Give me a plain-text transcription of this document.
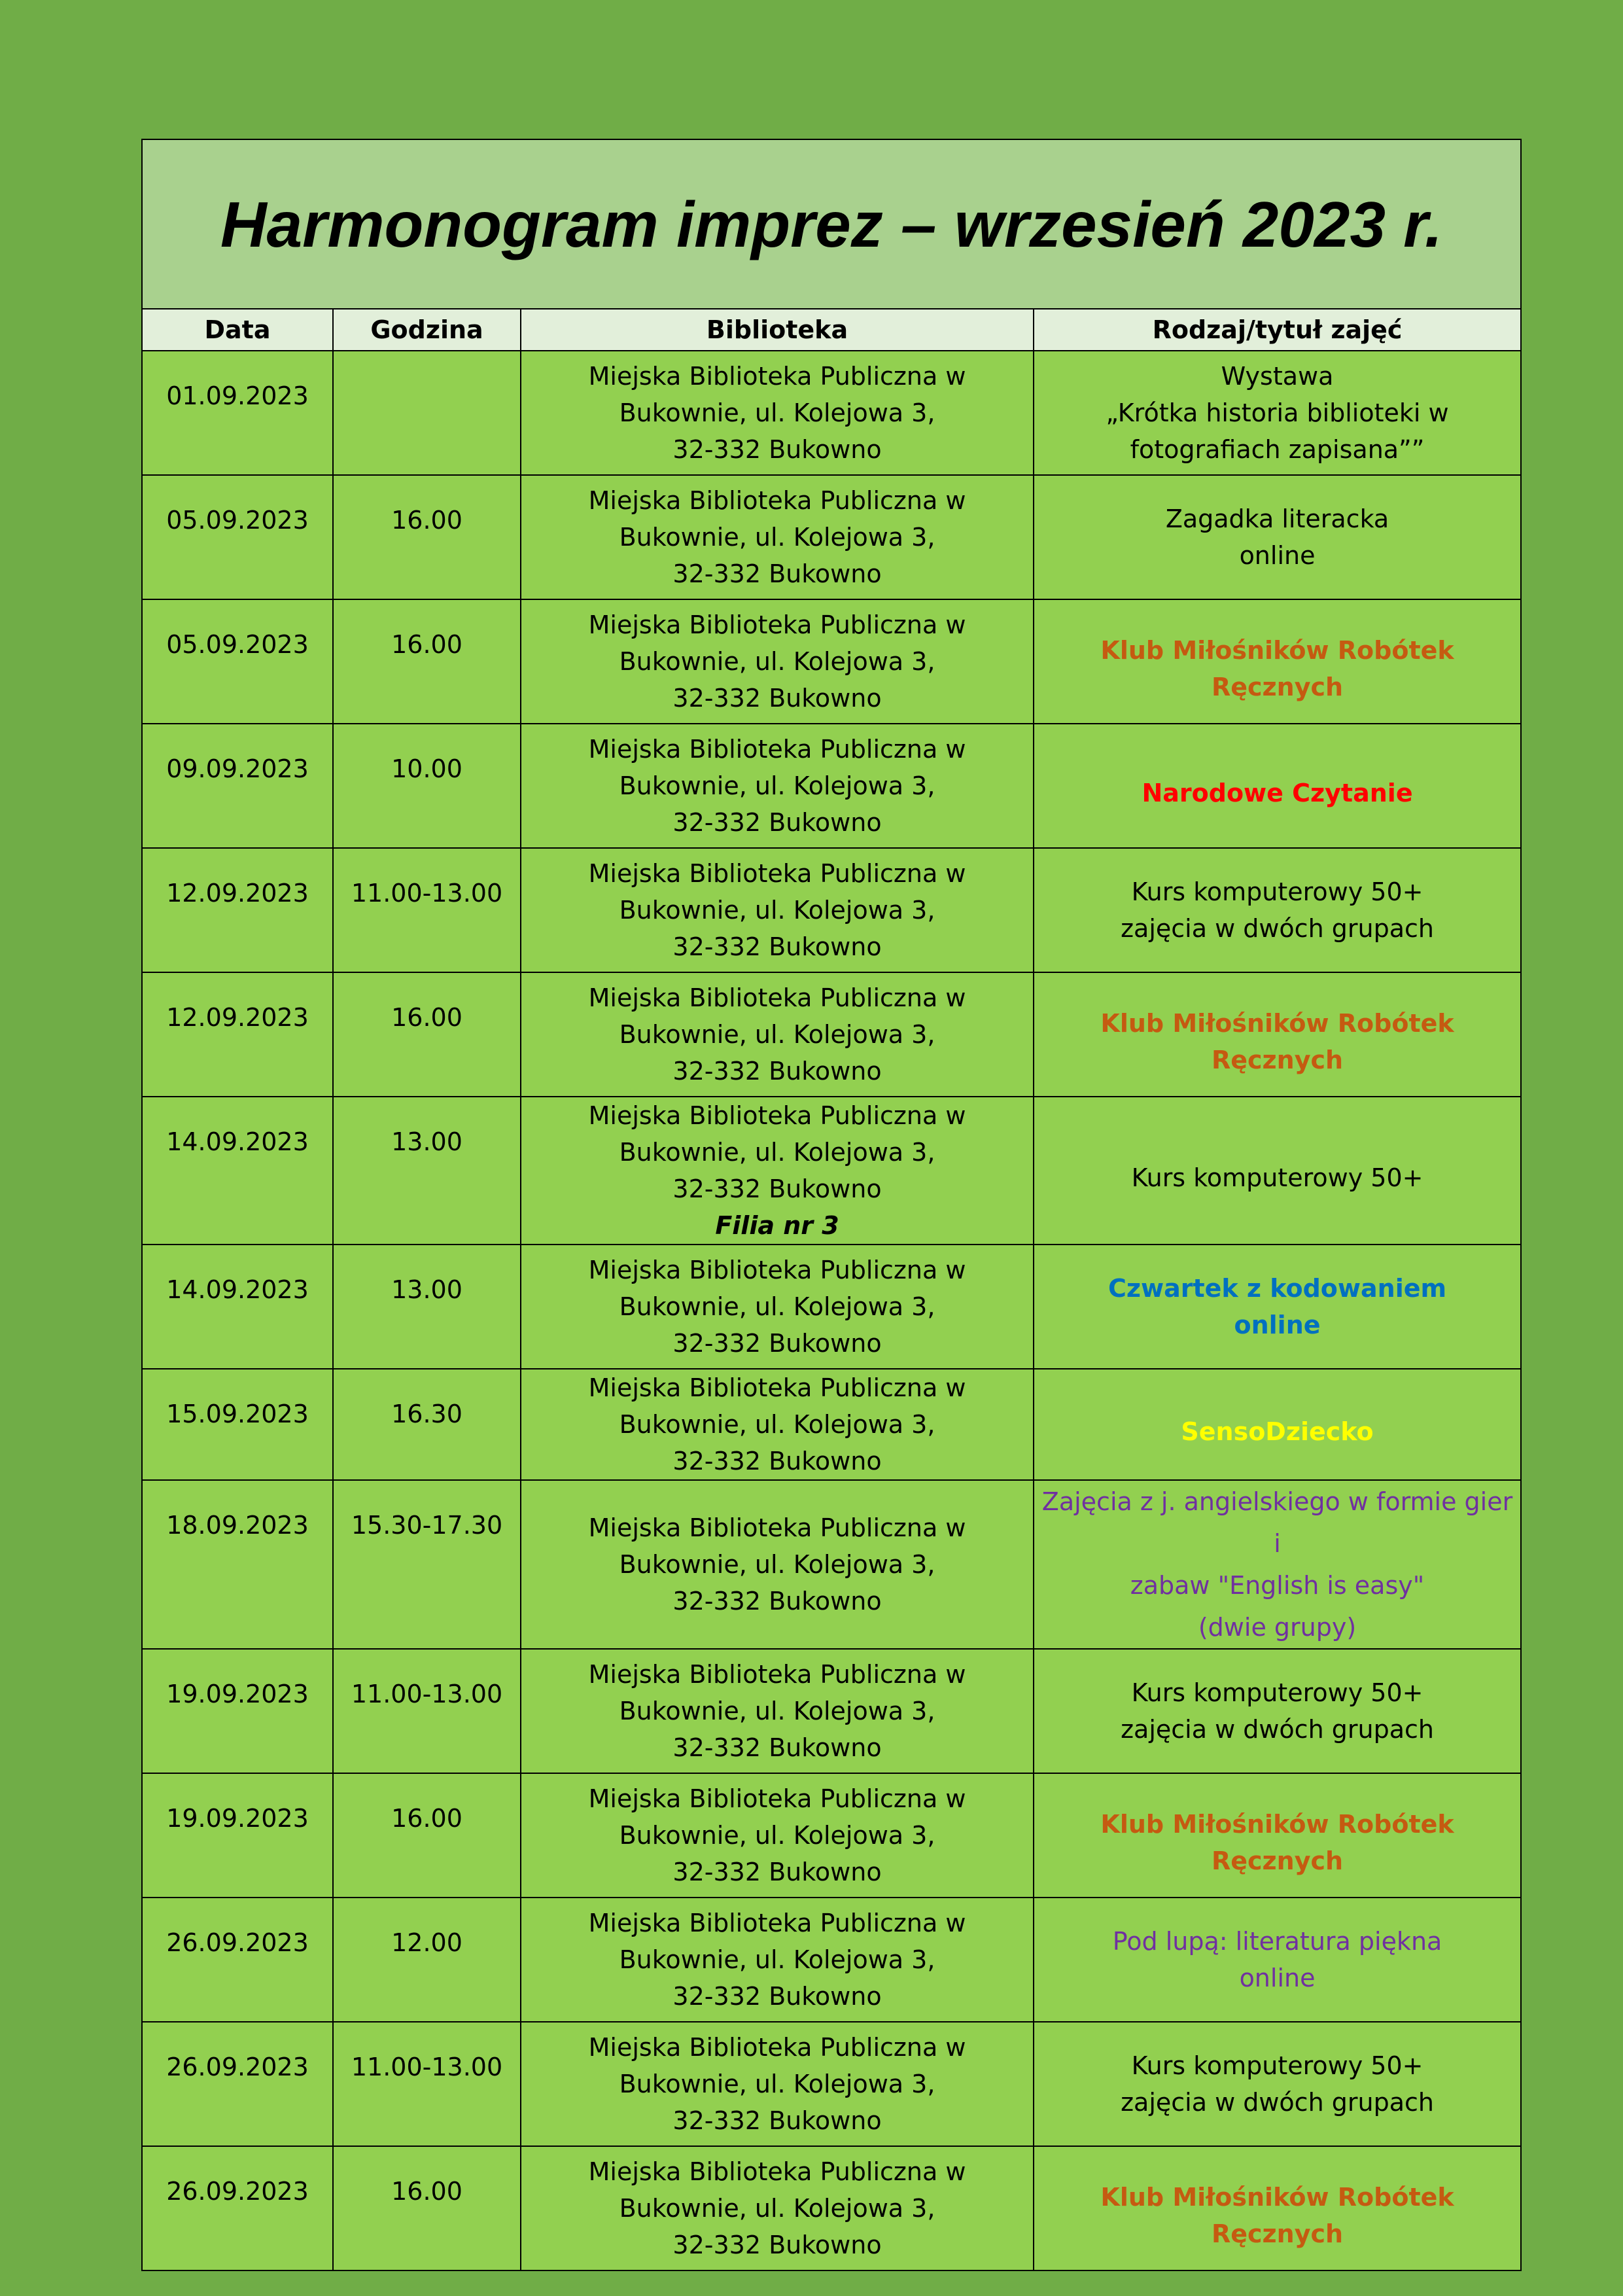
Harmonogram imprez – wrzesień 2023 r.			
Data	Godzina	Biblioteka	Rodzaj/tytuł zajęć
01.09.2023		Miejska Biblioteka Publiczna w
Bukownie, ul. Kolejowa 3,
32-332 Bukowno	Wystawa
„Krótka historia biblioteki w
fotografiach zapisana””

05.09.2023	16.00	Miejska Biblioteka Publiczna w
Bukownie, ul. Kolejowa 3,
32-332 Bukowno	Zagadka literacka
online

05.09.2023	16.00	Miejska Biblioteka Publiczna w
Bukownie, ul. Kolejowa 3,
32-332 Bukowno	Klub Miłośników Robótek Ręcznych

09.09.2023	10.00	Miejska Biblioteka Publiczna w
Bukownie, ul. Kolejowa 3,
32-332 Bukowno	Narodowe Czytanie

12.09.2023	11.00-13.00	Miejska Biblioteka Publiczna w
Bukownie, ul. Kolejowa 3,
32-332 Bukowno	Kurs komputerowy 50+
zajęcia w dwóch grupach

12.09.2023	16.00	Miejska Biblioteka Publiczna w
Bukownie, ul. Kolejowa 3,
32-332 Bukowno	Klub Miłośników Robótek Ręcznych

14.09.2023	13.00	Miejska Biblioteka Publiczna w
Bukownie, ul. Kolejowa 3,
32-332 Bukowno
Filia nr 3	Kurs komputerowy 50+

14.09.2023	13.00	Miejska Biblioteka Publiczna w
Bukownie, ul. Kolejowa 3,
32-332 Bukowno	Czwartek z kodowaniem
online

15.09.2023	16.30	Miejska Biblioteka Publiczna w
Bukownie, ul. Kolejowa 3,
32-332 Bukowno	SensoDziecko

18.09.2023	15.30-17.30	Miejska Biblioteka Publiczna w
Bukownie, ul. Kolejowa 3,
32-332 Bukowno	Zajęcia z j. angielskiego w formie gier i
zabaw "English is easy"
(dwie grupy)

19.09.2023	11.00-13.00	Miejska Biblioteka Publiczna w
Bukownie, ul. Kolejowa 3,
32-332 Bukowno	Kurs komputerowy 50+
zajęcia w dwóch grupach

19.09.2023	16.00	Miejska Biblioteka Publiczna w
Bukownie, ul. Kolejowa 3,
32-332 Bukowno	Klub Miłośników Robótek Ręcznych

26.09.2023	12.00	Miejska Biblioteka Publiczna w
Bukownie, ul. Kolejowa 3,
32-332 Bukowno	Pod lupą: literatura piękna
online

26.09.2023	11.00-13.00	Miejska Biblioteka Publiczna w
Bukownie, ul. Kolejowa 3,
32-332 Bukowno	Kurs komputerowy 50+
zajęcia w dwóch grupach

26.09.2023	16.00	Miejska Biblioteka Publiczna w
Bukownie, ul. Kolejowa 3,
32-332 Bukowno	Klub Miłośników Robótek Ręcznych
